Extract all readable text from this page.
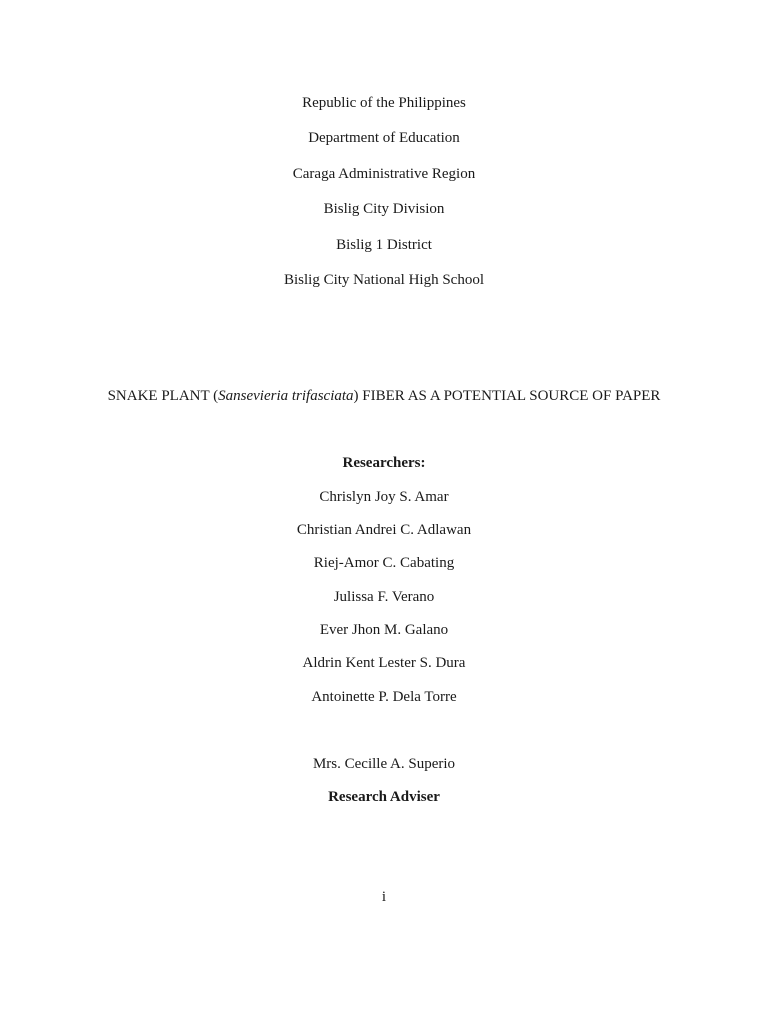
Republic of the Philippines
Department of Education
Caraga Administrative Region
Bislig City Division
Bislig 1 District
Bislig City National High School
SNAKE PLANT (Sansevieria trifasciata) FIBER AS A POTENTIAL SOURCE OF PAPER
Researchers:
Chrislyn Joy S. Amar
Christian Andrei C. Adlawan
Riej-Amor C. Cabating
Julissa F. Verano
Ever Jhon M. Galano
Aldrin Kent Lester S. Dura
Antoinette P. Dela Torre
Mrs. Cecille A. Superio
Research Adviser
i
